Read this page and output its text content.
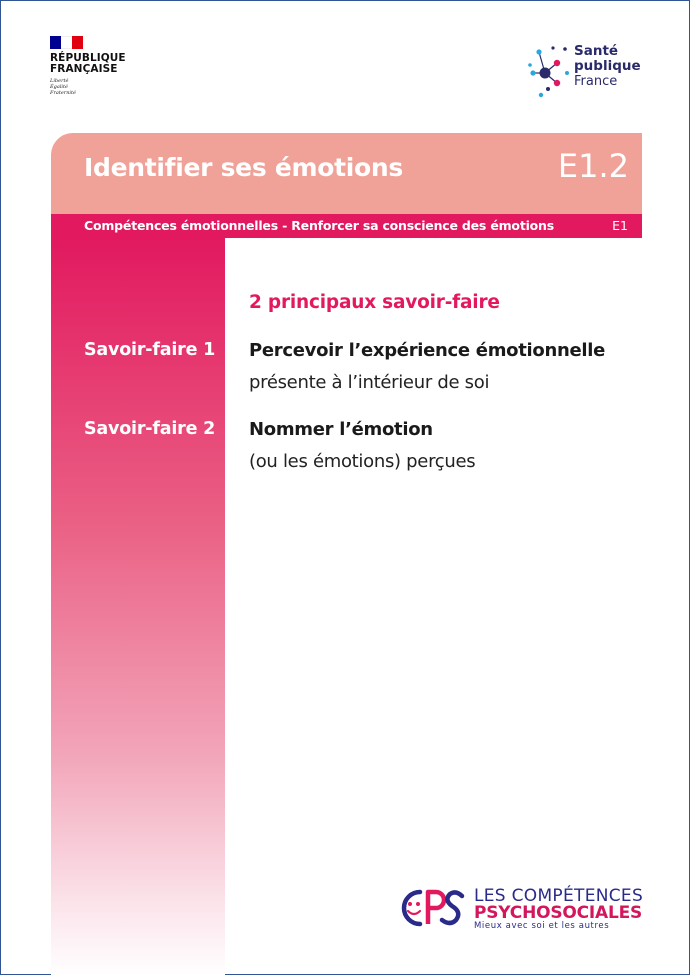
RÉPUBLIQUE
FRANÇAISE
Liberté
Égalité
Fraternité
Santé
publique
France
Identifier ses émotions	E1.2
Compétences émotionnelles - Renforcer sa conscience des émotions	E1
2 principaux savoir-faire
Savoir-faire 1 Percevoir l’expérience émotionnelle
présente à l’intérieur de soi
Savoir-faire 2 Nommer l’émotion
(ou les émotions) perçues
LES COMPÉTENCES
PSYCHOSOCIALES
Mieux avec soi et les autres
